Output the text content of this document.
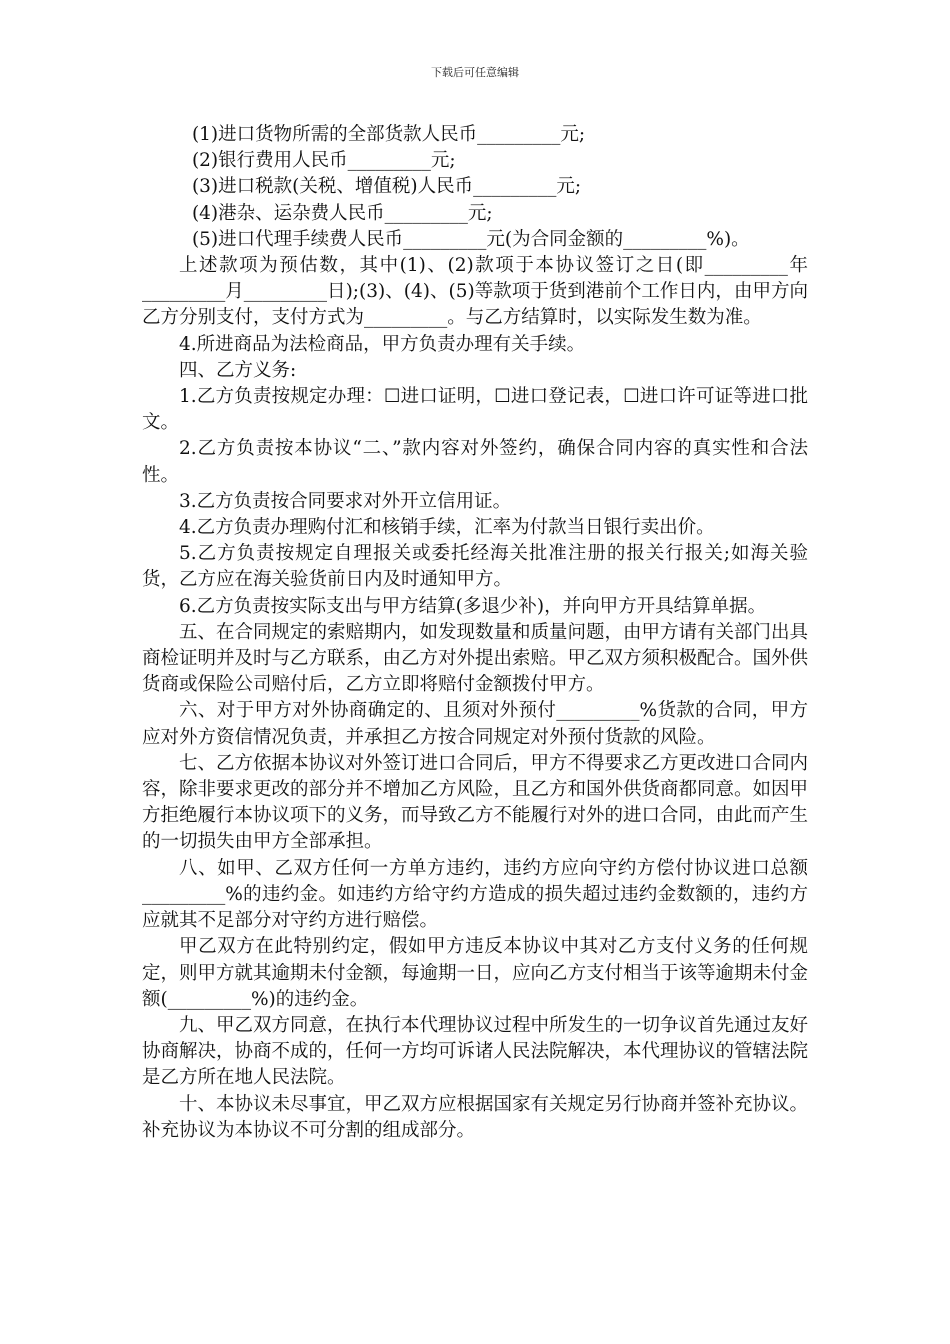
下载后可任意编辑

(1)进口货物所需的全部货款人民币_________元;

(2)银行费用人民币_________元;

(3)进口税款(关税、增值税)人民币_________元;

(4)港杂、运杂费人民币_________元;

(5)进口代理手续费人民币_________元(为合同金额的_________%)。

上述款项为预估数，其中(1)、(2)款项于本协议签订之日(即_________年_________月_________日);(3)、(4)、(5)等款项于货到港前个工作日内，由甲方向乙方分别支付，支付方式为_________。与乙方结算时，以实际发生数为准。

4.所进商品为法检商品，甲方负责办理有关手续。

四、乙方义务:

1.乙方负责按规定办理：☐进口证明，☐进口登记表，☐进口许可证等进口批文。

2.乙方负责按本协议“二、”款内容对外签约，确保合同内容的真实性和合法性。

3.乙方负责按合同要求对外开立信用证。

4.乙方负责办理购付汇和核销手续，汇率为付款当日银行卖出价。

5.乙方负责按规定自理报关或委托经海关批准注册的报关行报关;如海关验货，乙方应在海关验货前日内及时通知甲方。

6.乙方负责按实际支出与甲方结算(多退少补)，并向甲方开具结算单据。

五、在合同规定的索赔期内，如发现数量和质量问题，由甲方请有关部门出具商检证明并及时与乙方联系，由乙方对外提出索赔。甲乙双方须积极配合。国外供货商或保险公司赔付后，乙方立即将赔付金额拨付甲方。

六、对于甲方对外协商确定的、且须对外预付_________%货款的合同，甲方应对外方资信情况负责，并承担乙方按合同规定对外预付货款的风险。

七、乙方依据本协议对外签订进口合同后，甲方不得要求乙方更改进口合同内容，除非要求更改的部分并不增加乙方风险，且乙方和国外供货商都同意。如因甲方拒绝履行本协议项下的义务，而导致乙方不能履行对外的进口合同，由此而产生的一切损失由甲方全部承担。

八、如甲、乙双方任何一方单方违约，违约方应向守约方偿付协议进口总额_________%的违约金。如违约方给守约方造成的损失超过违约金数额的，违约方应就其不足部分对守约方进行赔偿。

甲乙双方在此特别约定，假如甲方违反本协议中其对乙方支付义务的任何规定，则甲方就其逾期未付金额，每逾期一日，应向乙方支付相当于该等逾期未付金额(_________%)的违约金。

九、甲乙双方同意，在执行本代理协议过程中所发生的一切争议首先通过友好协商解决，协商不成的，任何一方均可诉诸人民法院解决，本代理协议的管辖法院是乙方所在地人民法院。

十、本协议未尽事宜，甲乙双方应根据国家有关规定另行协商并签补充协议。补充协议为本协议不可分割的组成部分。
